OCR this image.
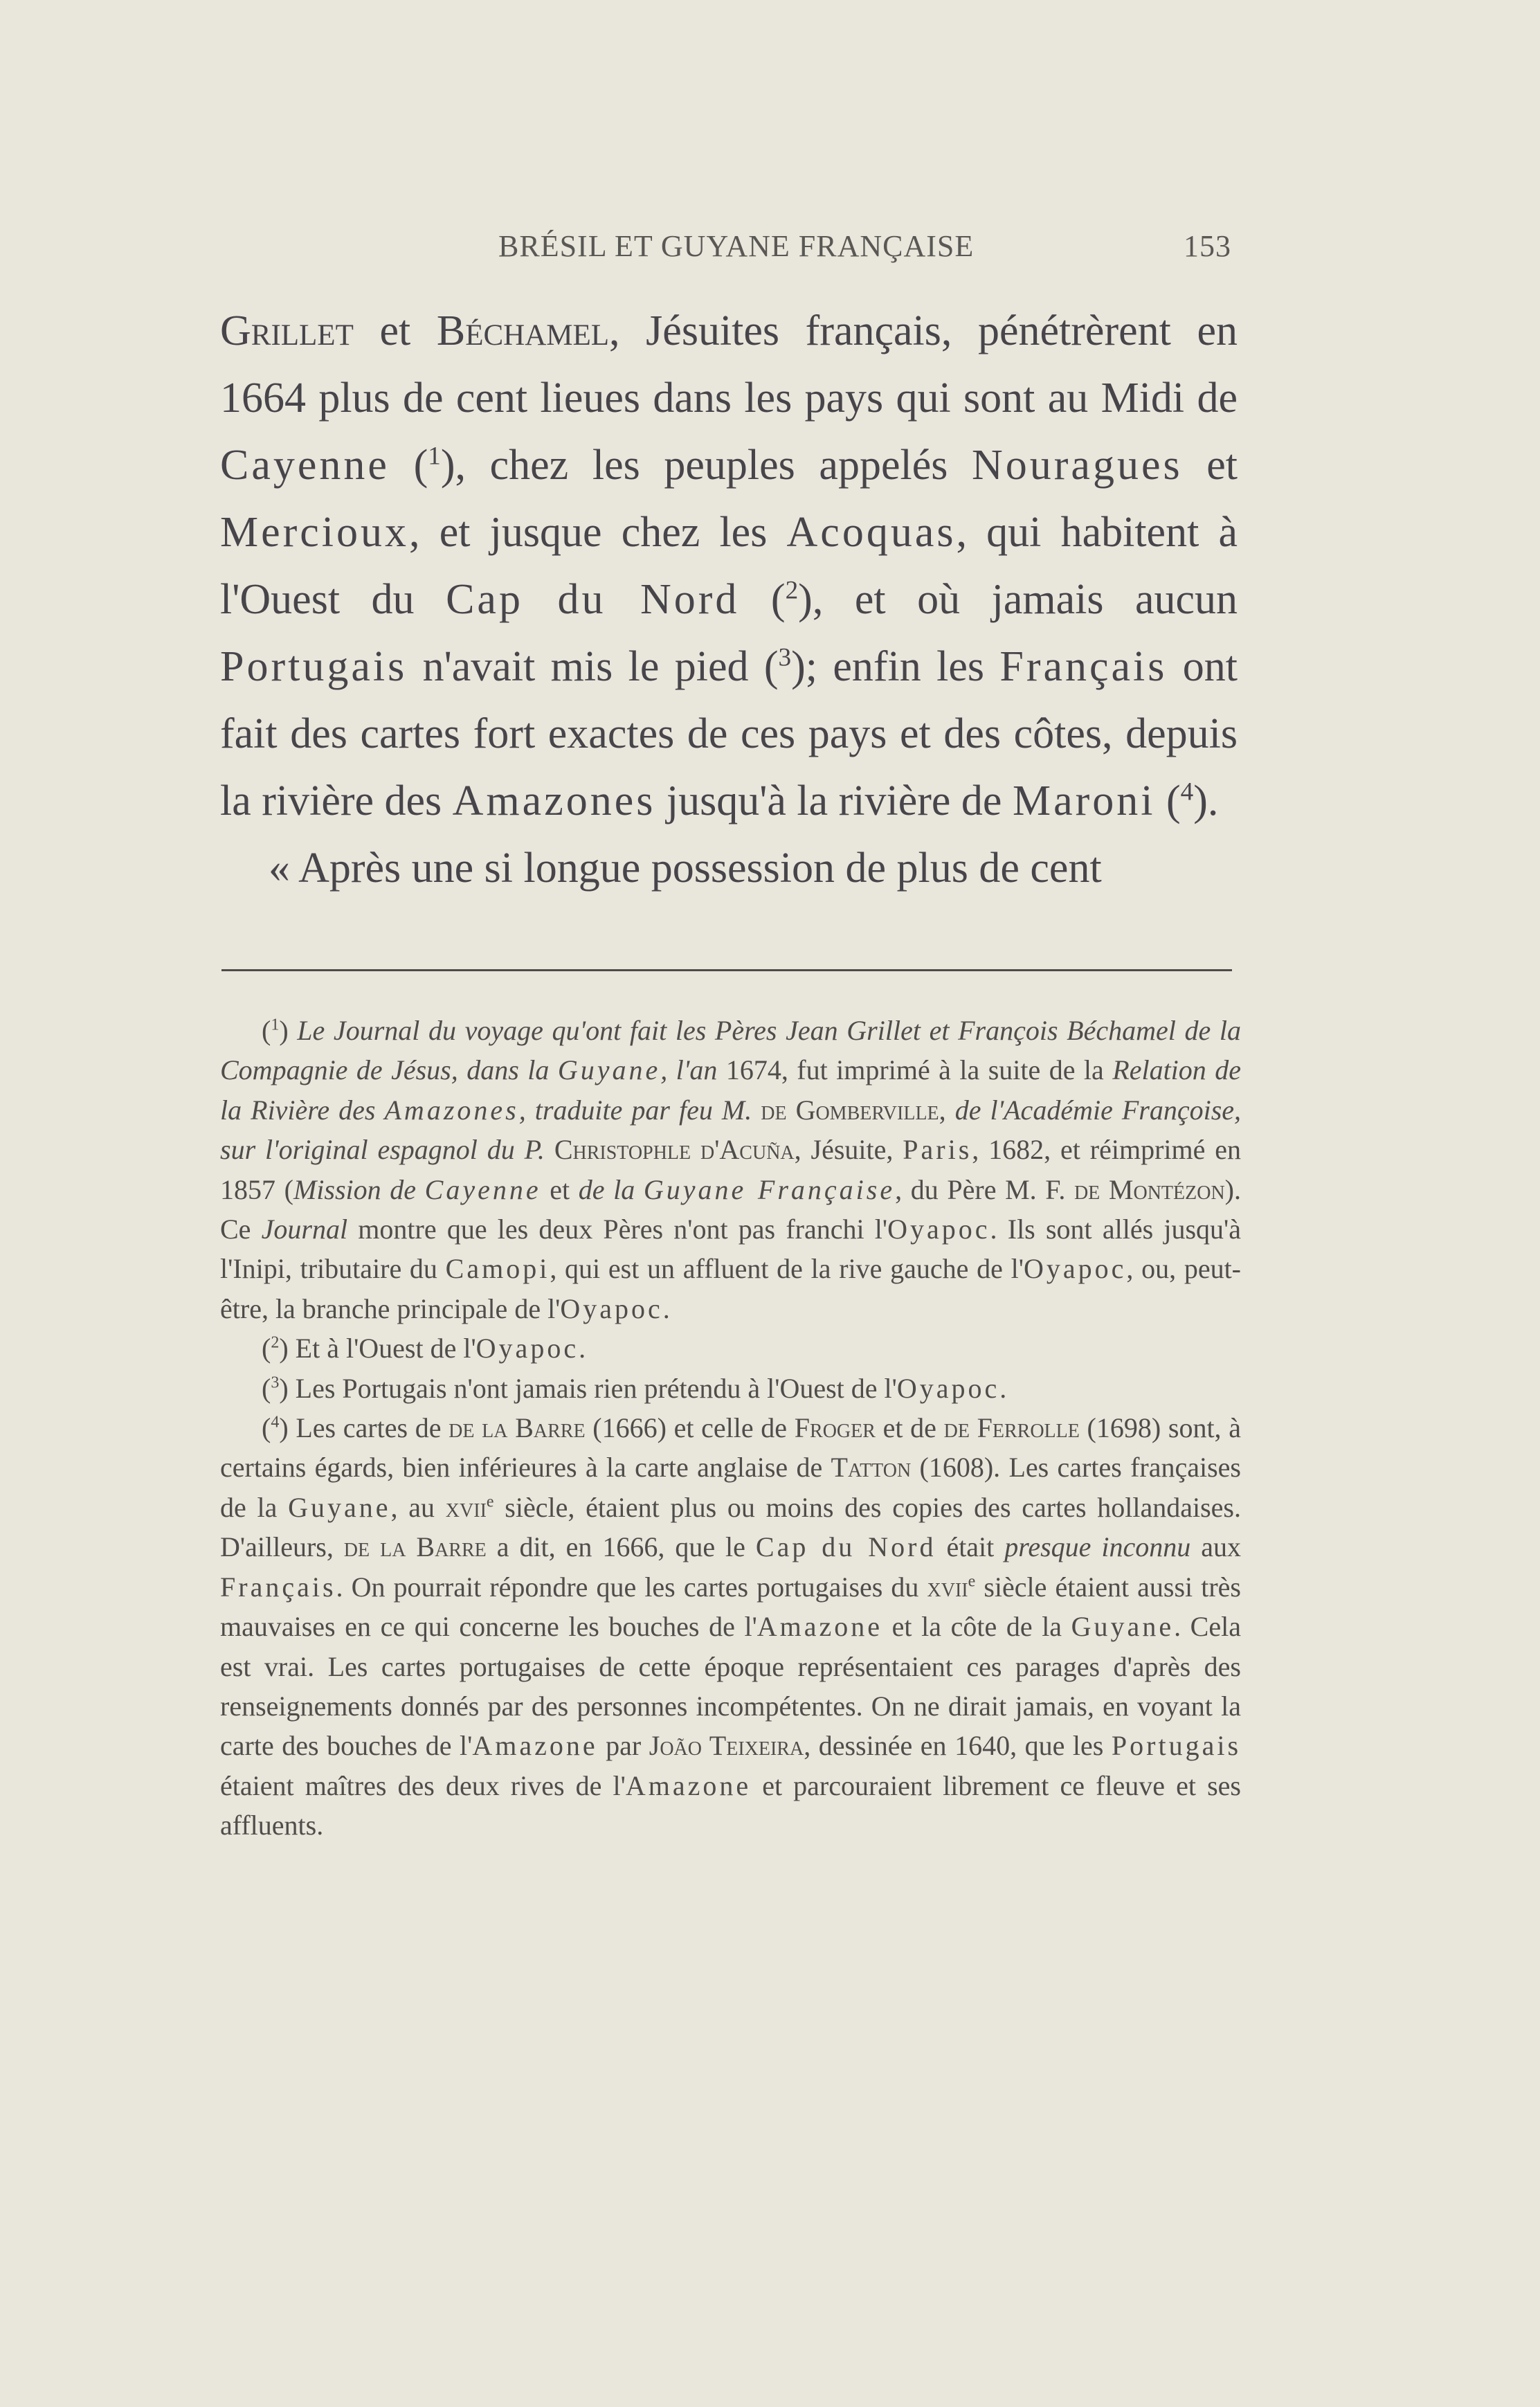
BRÉSIL ET GUYANE FRANÇAISE	153

Grillet et Béchamel, Jésuites français, pénétrèrent en 1664 plus de cent lieues dans les pays qui sont au Midi de Cayenne ($^1$), chez les peuples appelés Nouragues et Mercioux, et jusque chez les Acoquas, qui habitent à l'Ouest du Cap du Nord ($^2$), et où jamais aucun Portugais n'avait mis le pied ($^3$); enfin les Français ont fait des cartes fort exactes de ces pays et des côtes, depuis la rivière des Amazones jusqu'à la rivière de Maroni ($^4$).

« Après une si longue possession de plus de cent

($^1$) Le Journal du voyage qu'ont fait les Pères Jean Grillet et François Béchamel de la Compagnie de Jésus, dans la Guyane, l'an 1674, fut imprimé à la suite de la Relation de la Rivière des Amazones, traduite par feu M. de Gomberville, de l'Académie Françoise, sur l'original espagnol du P. Christophle d'Acuña, Jésuite, Paris, 1682, et réimprimé en 1857 (Mission de Cayenne et de la Guyane Française, du Père M. F. de Montézon). Ce Journal montre que les deux Pères n'ont pas franchi l'Oyapoc. Ils sont allés jusqu'à l'Inipi, tributaire du Camopi, qui est un affluent de la rive gauche de l'Oyapoc, ou, peut-être, la branche principale de l'Oyapoc.

($^2$) Et à l'Ouest de l'Oyapoc.

($^3$) Les Portugais n'ont jamais rien prétendu à l'Ouest de l'Oyapoc.

($^4$) Les cartes de de la Barre (1666) et celle de Froger et de de Ferrolle (1698) sont, à certains égards, bien inférieures à la carte anglaise de Tatton (1608). Les cartes françaises de la Guyane, au xvii$^e$ siècle, étaient plus ou moins des copies des cartes hollandaises. D'ailleurs, de la Barre a dit, en 1666, que le Cap du Nord était presque inconnu aux Français. On pourrait répondre que les cartes portugaises du xvii$^e$ siècle étaient aussi très mauvaises en ce qui concerne les bouches de l'Amazone et la côte de la Guyane. Cela est vrai. Les cartes portugaises de cette époque représentaient ces parages d'après des renseignements donnés par des personnes incompétentes. On ne dirait jamais, en voyant la carte des bouches de l'Amazone par João Teixeira, dessinée en 1640, que les Portugais étaient maîtres des deux rives de l'Amazone et parcouraient librement ce fleuve et ses affluents.
